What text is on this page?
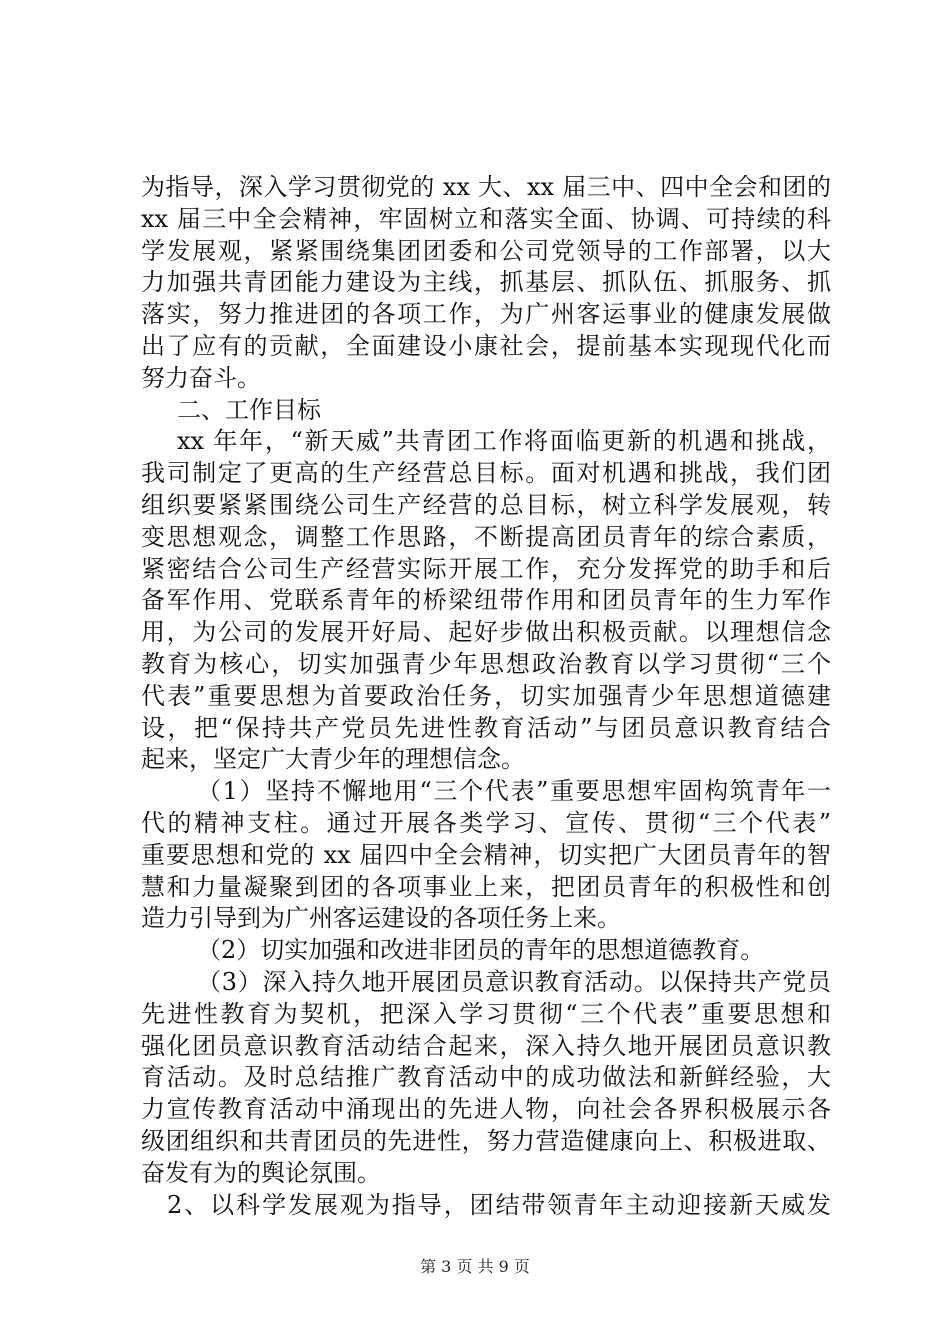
为指导，深入学习贯彻党的 xx 大、xx 届三中、四中全会和团的
xx 届三中全会精神，牢固树立和落实全面、协调、可持续的科
学发展观，紧紧围绕集团团委和公司党领导的工作部署，以大
力加强共青团能力建设为主线，抓基层、抓队伍、抓服务、抓
落实，努力推进团的各项工作，为广州客运事业的健康发展做
出了应有的贡献，全面建设小康社会，提前基本实现现代化而
努力奋斗。
二、工作目标
xx 年年，“新天威”共青团工作将面临更新的机遇和挑战，
我司制定了更高的生产经营总目标。面对机遇和挑战，我们团
组织要紧紧围绕公司生产经营的总目标，树立科学发展观，转
变思想观念，调整工作思路，不断提高团员青年的综合素质，
紧密结合公司生产经营实际开展工作，充分发挥党的助手和后
备军作用、党联系青年的桥梁纽带作用和团员青年的生力军作
用，为公司的发展开好局、起好步做出积极贡献。以理想信念
教育为核心，切实加强青少年思想政治教育以学习贯彻“三个
代表”重要思想为首要政治任务，切实加强青少年思想道德建
设，把“保持共产党员先进性教育活动”与团员意识教育结合
起来，坚定广大青少年的理想信念。
（1）坚持不懈地用“三个代表”重要思想牢固构筑青年一
代的精神支柱。通过开展各类学习、宣传、贯彻“三个代表”
重要思想和党的 xx 届四中全会精神，切实把广大团员青年的智
慧和力量凝聚到团的各项事业上来，把团员青年的积极性和创
造力引导到为广州客运建设的各项任务上来。
（2）切实加强和改进非团员的青年的思想道德教育。
（3）深入持久地开展团员意识教育活动。以保持共产党员
先进性教育为契机，把深入学习贯彻“三个代表”重要思想和
强化团员意识教育活动结合起来，深入持久地开展团员意识教
育活动。及时总结推广教育活动中的成功做法和新鲜经验，大
力宣传教育活动中涌现出的先进人物，向社会各界积极展示各
级团组织和共青团员的先进性，努力营造健康向上、积极进取、
奋发有为的舆论氛围。
2、以科学发展观为指导，团结带领青年主动迎接新天威发
第 3 页 共 9 页
